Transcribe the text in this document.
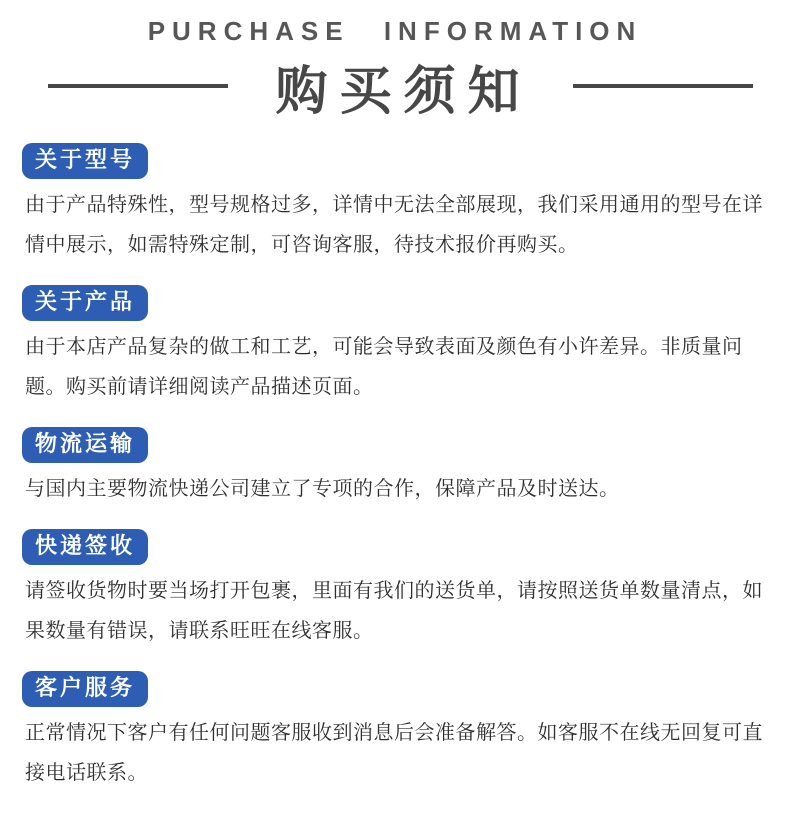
PURCHASE INFORMATION
购买须知
关于型号

由于产品特殊性，型号规格过多，详情中无法全部展现，我们采用通用的型号在详情中展示，如需特殊定制，可咨询客服，待技术报价再购买。

关于产品

由于本店产品复杂的做工和工艺，可能会导致表面及颜色有小许差异。非质量问题。购买前请详细阅读产品描述页面。

物流运输

与国内主要物流快递公司建立了专项的合作，保障产品及时送达。

快递签收

请签收货物时要当场打开包裹，里面有我们的送货单，请按照送货单数量清点，如果数量有错误，请联系旺旺在线客服。

客户服务

正常情况下客户有任何问题客服收到消息后会准备解答。如客服不在线无回复可直接电话联系。
